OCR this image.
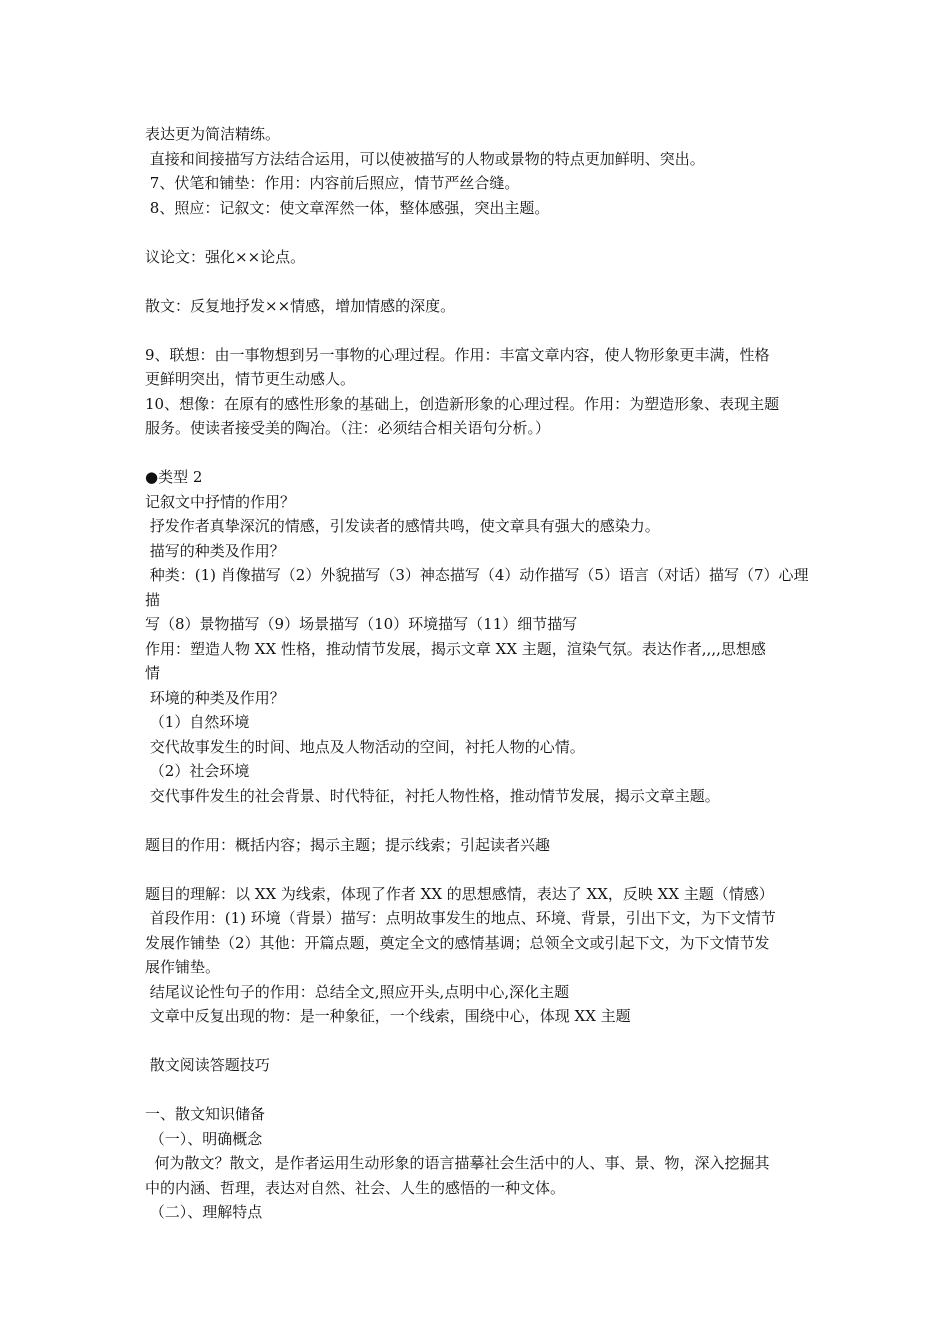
表达更为简洁精练。
直接和间接描写方法结合运用，可以使被描写的人物或景物的特点更加鲜明、突出。
7、伏笔和铺垫：作用：内容前后照应，情节严丝合缝。
8、照应：记叙文：使文章浑然一体，整体感强，突出主题。
议论文：强化××论点。
散文：反复地抒发××情感，增加情感的深度。
9、联想：由一事物想到另一事物的心理过程。作用：丰富文章内容，使人物形象更丰满，性格
更鲜明突出，情节更生动感人。
10、想像：在原有的感性形象的基础上，创造新形象的心理过程。作用：为塑造形象、表现主题
服务。使读者接受美的陶冶。（注：必须结合相关语句分析。）
●类型 2
记叙文中抒情的作用？
抒发作者真挚深沉的情感，引发读者的感情共鸣，使文章具有强大的感染力。
描写的种类及作用？
种类：(1) 肖像描写（2）外貌描写（3）神态描写（4）动作描写（5）语言（对话）描写（7）心理描
写（8）景物描写（9）场景描写（10）环境描写（11）细节描写
作用：塑造人物 XX 性格，推动情节发展，揭示文章 XX 主题，渲染气氛。表达作者,,,,思想感
情
环境的种类及作用？
（1）自然环境
交代故事发生的时间、地点及人物活动的空间，衬托人物的心情。
（2）社会环境
交代事件发生的社会背景、时代特征，衬托人物性格，推动情节发展，揭示文章主题。
题目的作用：概括内容；揭示主题；提示线索；引起读者兴趣
题目的理解：以 XX 为线索，体现了作者 XX 的思想感情，表达了 XX，反映 XX 主题（情感）
首段作用：(1) 环境（背景）描写：点明故事发生的地点、环境、背景，引出下文，为下文情节
发展作铺垫（2）其他：开篇点题，奠定全文的感情基调；总领全文或引起下文，为下文情节发
展作铺垫。
结尾议论性句子的作用：总结全文,照应开头,点明中心,深化主题
文章中反复出现的物：是一种象征，一个线索，围绕中心，体现 XX 主题
散文阅读答题技巧
一、散文知识储备
（一）、明确概念
何为散文？散文，是作者运用生动形象的语言描摹社会生活中的人、事、景、物，深入挖掘其
中的内涵、哲理，表达对自然、社会、人生的感悟的一种文体。
（二）、理解特点
